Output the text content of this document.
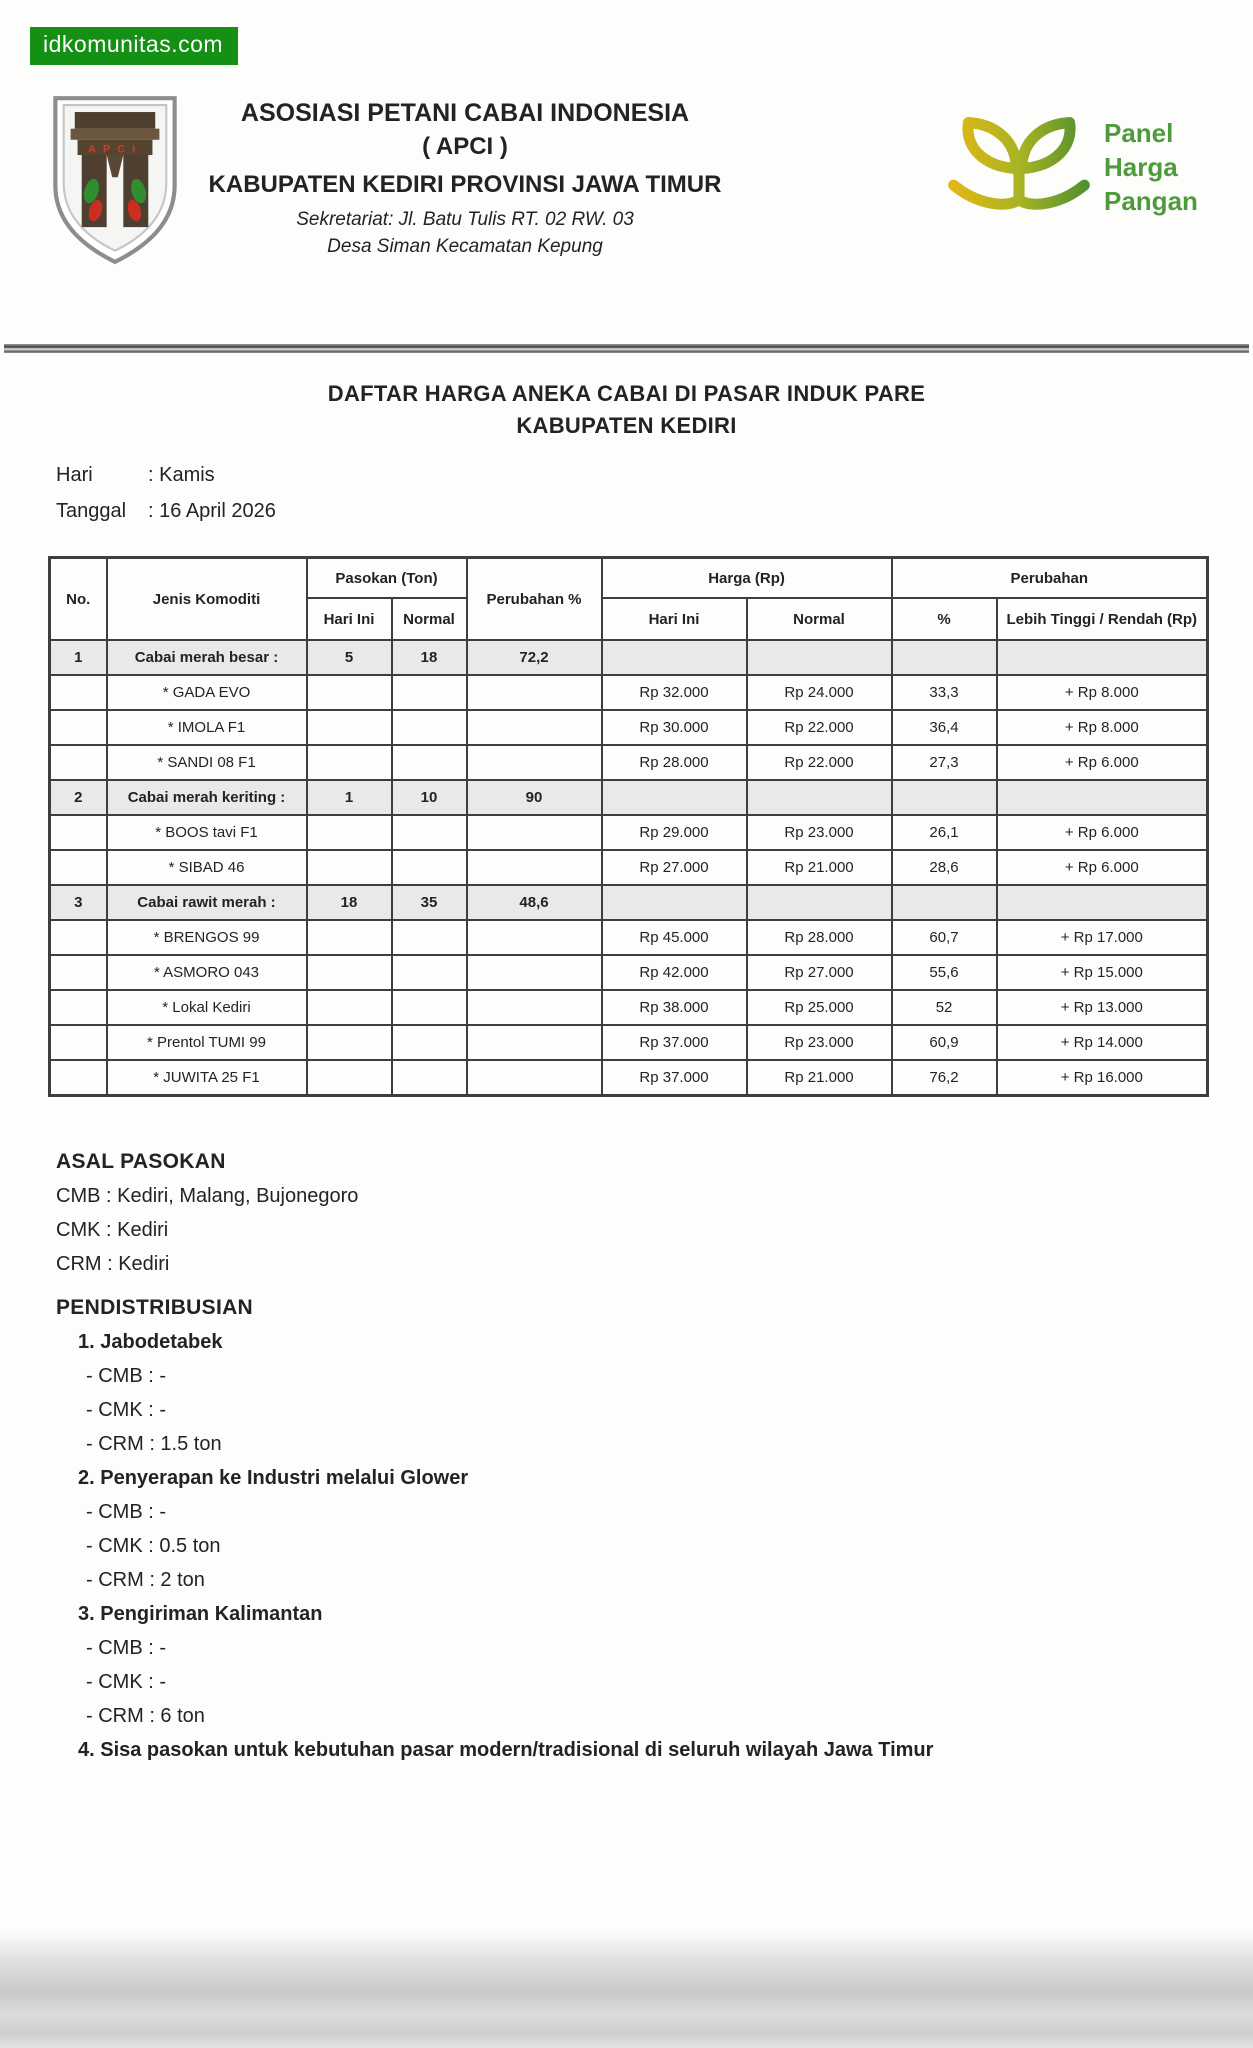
idkomunitas.com
APCI
ASOSIASI PETANI CABAI INDONESIA
( APCI )
KABUPATEN KEDIRI PROVINSI JAWA TIMUR
Sekretariat: Jl. Batu Tulis RT. 02 RW. 03
Desa Siman Kecamatan Kepung
Panel
Harga
Pangan
DAFTAR HARGA ANEKA CABAI DI PASAR INDUK PARE
KABUPATEN KEDIRI
Hari	: Kamis
Tanggal : 16 April 2026
No.	Jenis Komoditi	Pasokan (Ton)		Perubahan %	Harga (Rp)		Perubahan	
		Hari Ini	Normal		Hari Ini	Normal	%	Lebih Tinggi / Rendah (Rp)
1	Cabai merah besar :	5	18	72,2				
	* GADA EVO				Rp 32.000	Rp 24.000	33,3	+ Rp 8.000
	* IMOLA F1				Rp 30.000	Rp 22.000	36,4	+ Rp 8.000
	* SANDI 08 F1				Rp 28.000	Rp 22.000	27,3	+ Rp 6.000
2	Cabai merah keriting :	1	10	90				
	* BOOS tavi F1				Rp 29.000	Rp 23.000	26,1	+ Rp 6.000
	* SIBAD 46				Rp 27.000	Rp 21.000	28,6	+ Rp 6.000
3	Cabai rawit merah :	18	35	48,6				
	* BRENGOS 99				Rp 45.000	Rp 28.000	60,7	+ Rp 17.000
	* ASMORO 043				Rp 42.000	Rp 27.000	55,6	+ Rp 15.000
	* Lokal Kediri				Rp 38.000	Rp 25.000	52	+ Rp 13.000
	* Prentol TUMI 99				Rp 37.000	Rp 23.000	60,9	+ Rp 14.000
	* JUWITA 25 F1				Rp 37.000	Rp 21.000	76,2	+ Rp 16.000
ASAL PASOKAN
CMB : Kediri, Malang, Bujonegoro
CMK : Kediri
CRM : Kediri
PENDISTRIBUSIAN
1. Jabodetabek
- CMB : -
- CMK : -
- CRM : 1.5 ton
2. Penyerapan ke Industri melalui Glower
- CMB : -
- CMK : 0.5 ton
- CRM : 2 ton
3. Pengiriman Kalimantan
- CMB : -
- CMK : -
- CRM : 6 ton
4. Sisa pasokan untuk kebutuhan pasar modern/tradisional di seluruh wilayah Jawa Timur
